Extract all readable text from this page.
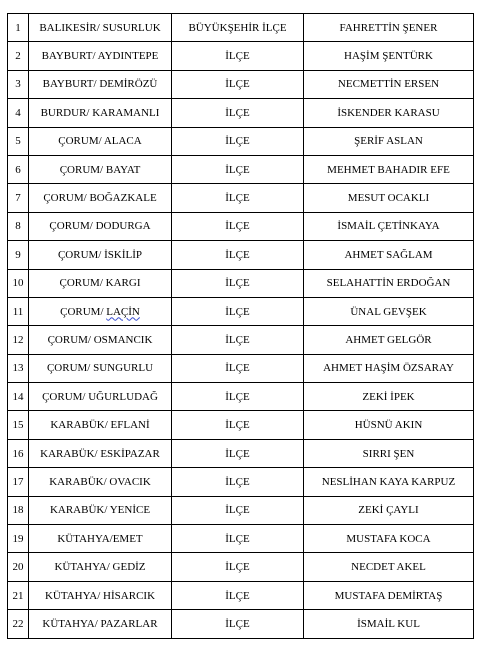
1	BALIKESİR/ SUSURLUK	BÜYÜKŞEHİR İLÇE	FAHRETTİN ŞENER
2	BAYBURT/ AYDINTEPE	İLÇE	HAŞİM ŞENTÜRK
3	BAYBURT/ DEMİRÖZÜ	İLÇE	NECMETTİN ERSEN
4	BURDUR/ KARAMANLI	İLÇE	İSKENDER KARASU
5	ÇORUM/ ALACA	İLÇE	ŞERİF ASLAN
6	ÇORUM/ BAYAT	İLÇE	MEHMET BAHADIR EFE
7	ÇORUM/ BOĞAZKALE	İLÇE	MESUT OCAKLI
8	ÇORUM/ DODURGA	İLÇE	İSMAİL ÇETİNKAYA
9	ÇORUM/ İSKİLİP	İLÇE	AHMET SAĞLAM
10	ÇORUM/ KARGI	İLÇE	SELAHATTİN ERDOĞAN
11	ÇORUM/ LAÇİN	İLÇE	ÜNAL GEVŞEK
12	ÇORUM/ OSMANCIK	İLÇE	AHMET GELGÖR
13	ÇORUM/ SUNGURLU	İLÇE	AHMET HAŞİM ÖZSARAY
14	ÇORUM/ UĞURLUDAĞ	İLÇE	ZEKİ İPEK
15	KARABÜK/ EFLANİ	İLÇE	HÜSNÜ AKIN
16	KARABÜK/ ESKİPAZAR	İLÇE	SIRRI ŞEN
17	KARABÜK/ OVACIK	İLÇE	NESLİHAN KAYA KARPUZ
18	KARABÜK/ YENİCE	İLÇE	ZEKİ ÇAYLI
19	KÜTAHYA/EMET	İLÇE	MUSTAFA KOCA
20	KÜTAHYA/ GEDİZ	İLÇE	NECDET AKEL
21	KÜTAHYA/ HİSARCIK	İLÇE	MUSTAFA DEMİRTAŞ
22	KÜTAHYA/ PAZARLAR	İLÇE	İSMAİL KUL
